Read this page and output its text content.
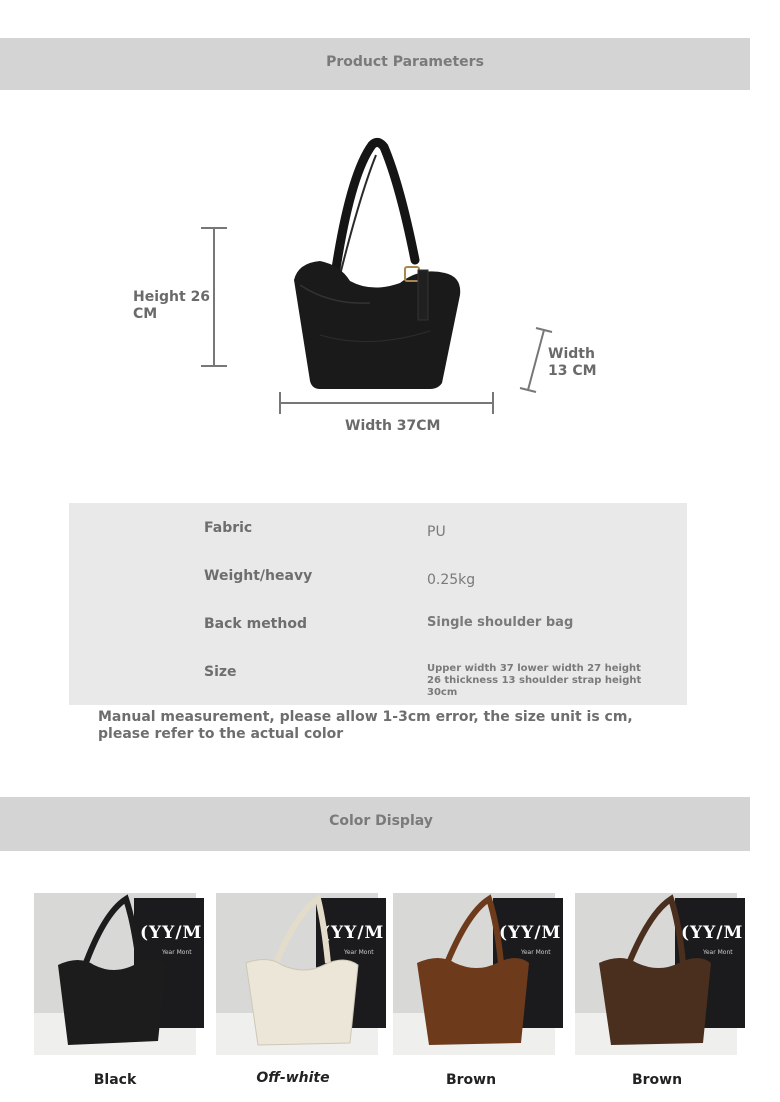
Product Parameters
Height 26 CM
Width 37CM
Width 13 CM
Fabric	PU
Weight/heavy	0.25kg
Back method	Single shoulder bag
Size	Upper width 37 lower width 27 height 26 thickness 13 shoulder strap height 30cm
Manual measurement, please allow 1-3cm error, the size unit is cm, please refer to the actual color
Color Display
(YY/M
Year Mont
(YY/M
Year Mont
(YY/M
Year Mont
(YY/M
Year Mont
Black	Off-white	Brown	Brown
